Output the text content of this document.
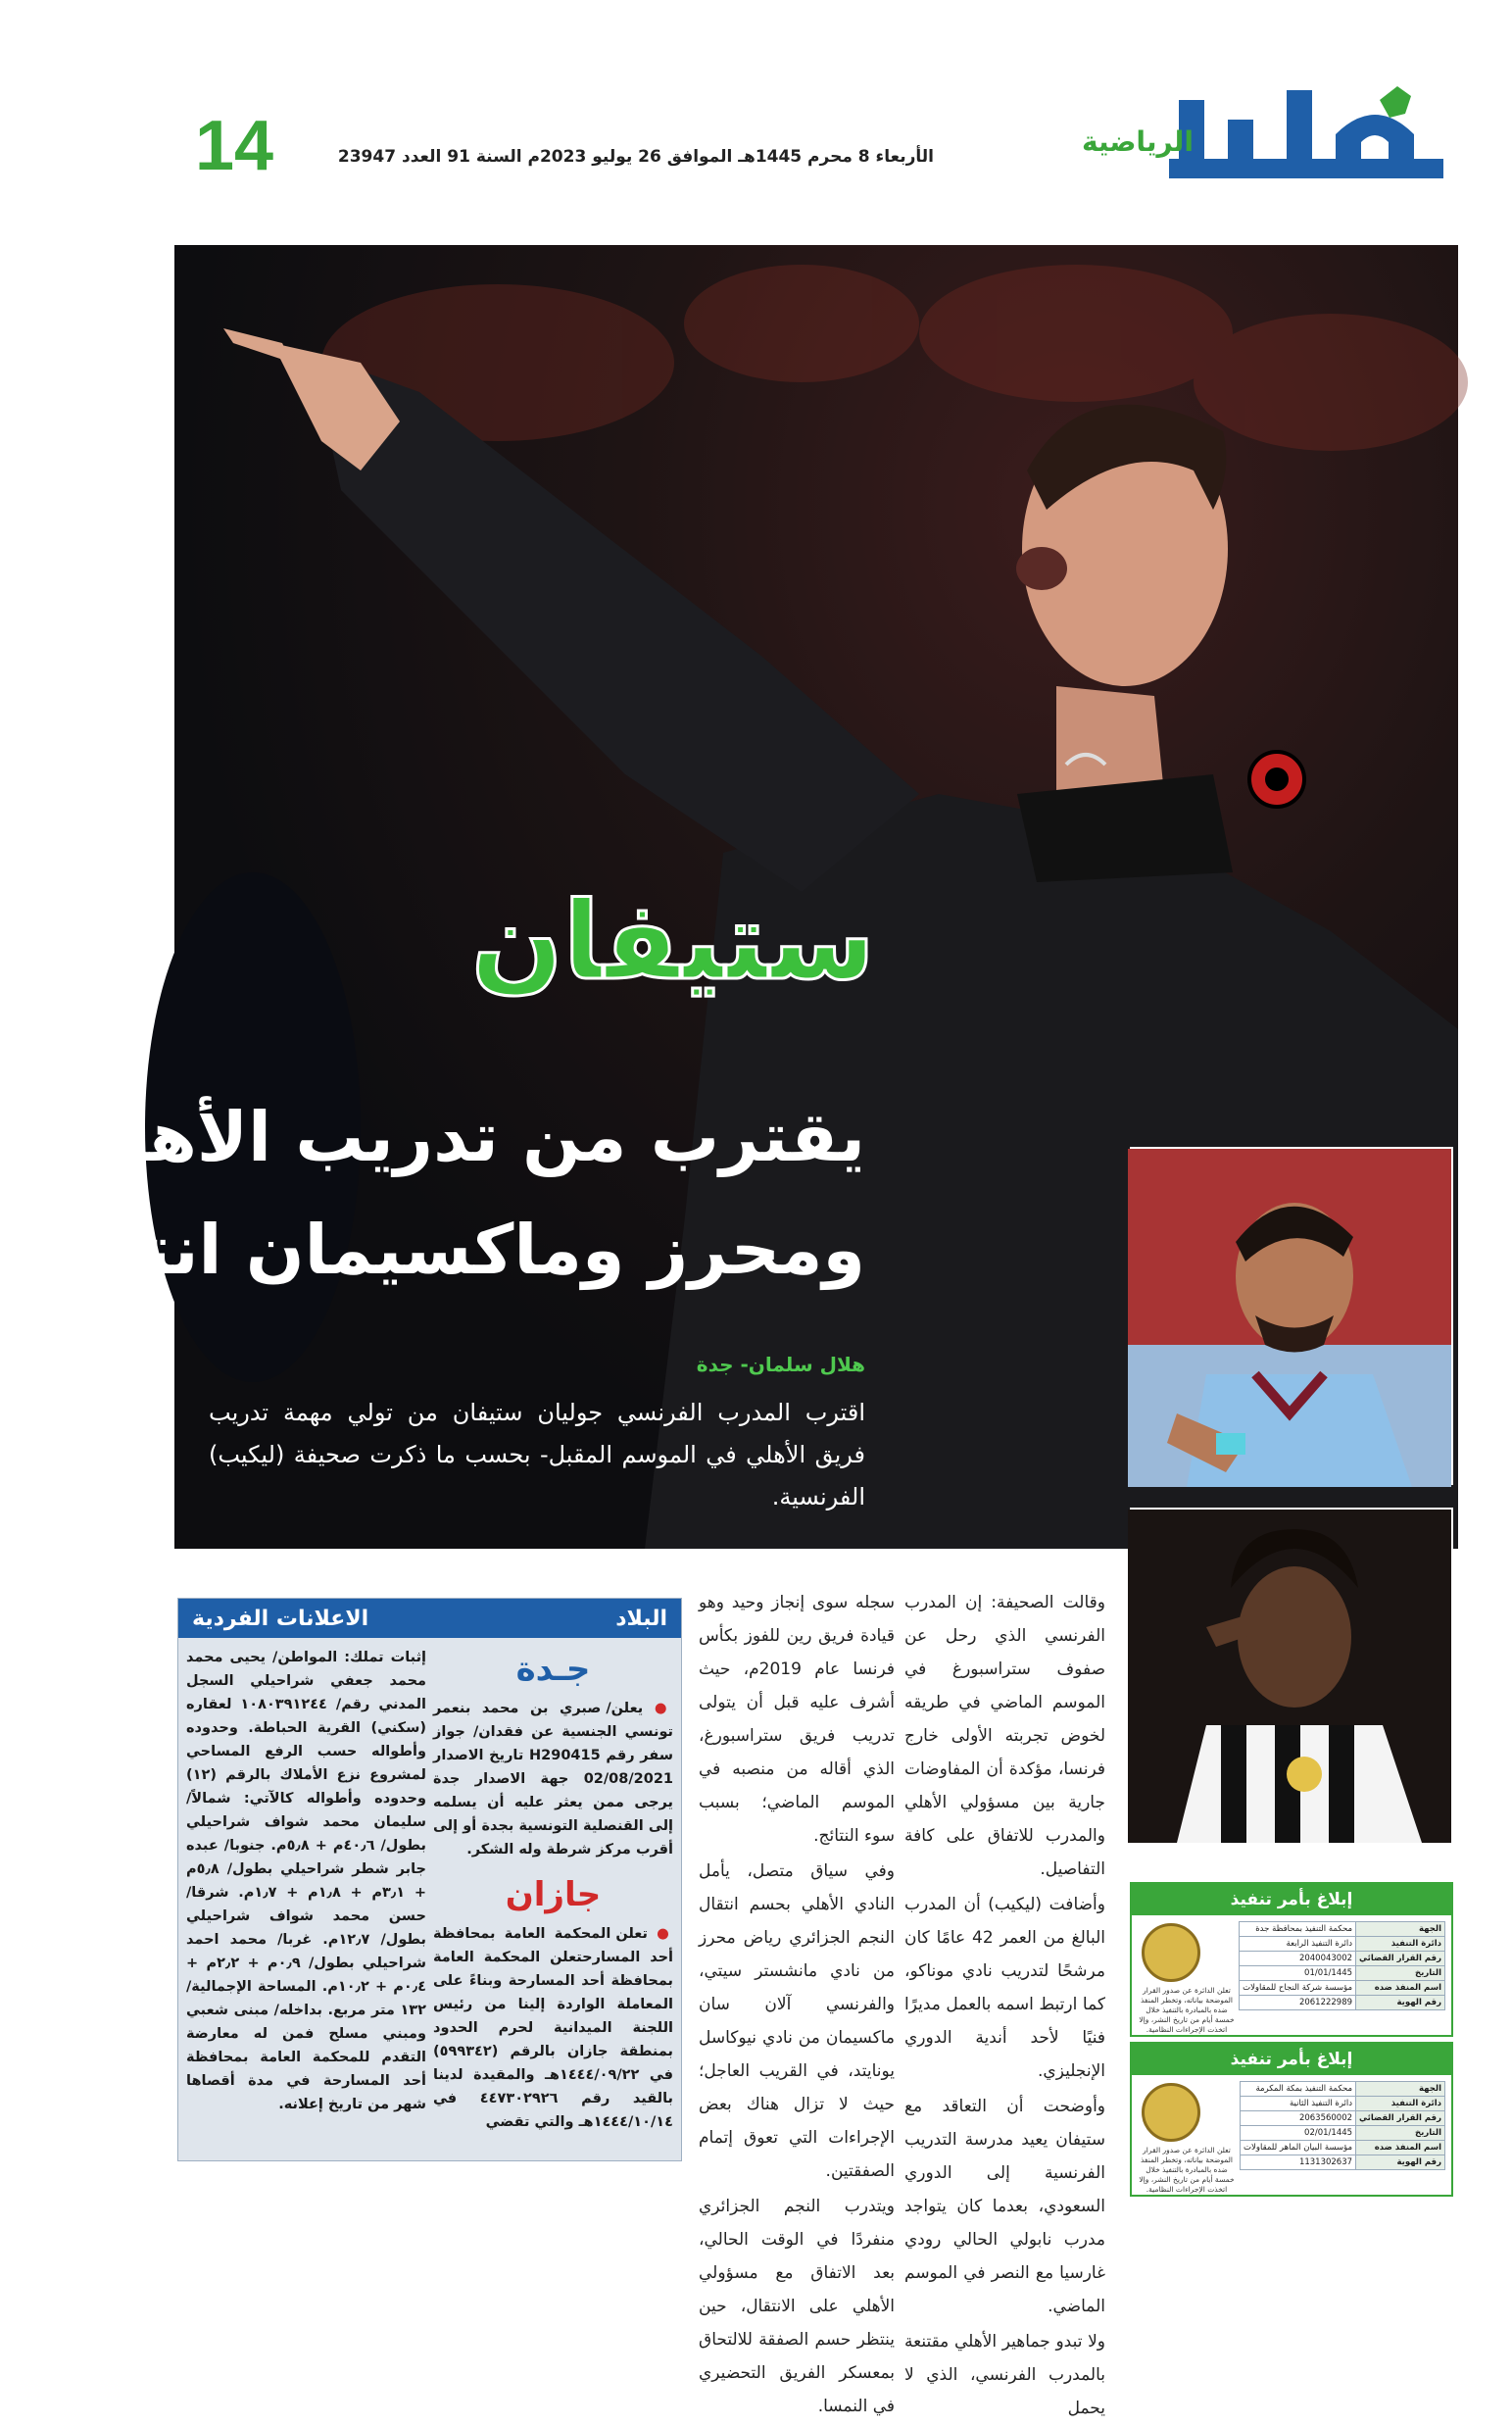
البلاد
الرياضية
الأربعاء 8 محرم 1445هـ الموافق 26 يوليو 2023م السنة 91 العدد 23947
14
ستيفان
يقترب من تدريب الأهلي..
ومحرز وماكسيمان انتظار
هلال سلمان- جدة
اقترب المدرب الفرنسي جوليان ستيفان من تولي مهمة تدريب فريق الأهلي في الموسم المقبل- بحسب ما ذكرت صحيفة (ليكيب) الفرنسية.

وقالت الصحيفة: إن المدرب الفرنسي الذي رحل عن صفوف ستراسبورغ في الموسم الماضي في طريقه لخوض تجربته الأولى خارج فرنسا، مؤكدة أن المفاوضات جارية بين مسؤولي الأهلي والمدرب للاتفاق على كافة التفاصيل.

وأضافت (ليكيب) أن المدرب البالغ من العمر 42 عامًا كان مرشحًا لتدريب نادي موناكو، كما ارتبط اسمه بالعمل مديرًا فنيًا لأحد أندية الدوري الإنجليزي.

وأوضحت أن التعاقد مع ستيفان يعيد مدرسة التدريب الفرنسية إلى الدوري السعودي، بعدما كان يتواجد مدرب نابولي الحالي رودي غارسيا مع النصر في الموسم الماضي.

ولا تبدو جماهير الأهلي مقتنعة بالمدرب الفرنسي، الذي لا يحمل

سجله سوى إنجاز وحيد وهو قيادة فريق رين للفوز بكأس فرنسا عام 2019م، حيث أشرف عليه قبل أن يتولى تدريب فريق ستراسبورغ، الذي أقاله من منصبه في الموسم الماضي؛ بسبب سوء النتائج.

وفي سياق متصل، يأمل النادي الأهلي بحسم انتقال النجم الجزائري رياض محرز من نادي مانشستر سيتي، والفرنسي آلان سان ماكسيمان من نادي نيوكاسل يونايتد، في القريب العاجل؛ حيث لا تزال هناك بعض الإجراءات التي تعوق إتمام الصفقتين.

ويتدرب النجم الجزائري منفردًا في الوقت الحالي، بعد الاتفاق مع مسؤولي الأهلي على الانتقال، حين ينتظر حسم الصفقة للالتحاق بمعسكر الفريق التحضيري في النمسا.

البلاد
الاعلانات الفردية
إثبات تملك: المواطن/ يحيى محمد محمد جعفي شراحيلي السجل المدني رقم/ ١٠٨٠٣٩١٢٤٤ لعقاره (سكني) القرية الحباطة. وحدوده وأطواله حسب الرفع المساحي لمشروع نزع الأملاك بالرقم (١٢) وحدوده وأطواله كالآتي: شمالاً/ سليمان محمد شواف شراحيلي بطول/ ٤٠٫٦م + ٥٫٨م. جنوبا/ عبده جابر شطر شراحيلي بطول/ ٥٫٨م + ٣٫١م + ١٫٨م + ١٫٧م. شرقا/ حسن محمد شواف شراحيلي بطول/ ١٢٫٧م. غربا/ محمد احمد شراحيلي بطول/ ٠٫٩م + ٢٫٢م + ٠٫٤م + ١٠٫٢م. المساحة الإجمالية/ ١٣٢ متر مربع. بداخله/ مبنى شعبي ومبني مسلح فمن له معارضة التقدم للمحكمة العامة بمحافظة أحد المسارحة في مدة أقصاها شهر من تاريخ إعلانه.
جـدة
● يعلن/ صبري بن محمد بنعمر تونسي الجنسية عن فقدان/ جواز سفر رقم H290415 تاريخ الاصدار 02/08/2021 جهة الاصدار جدة يرجى ممن يعثر عليه أن يسلمه إلى القنصلية التونسية بجدة أو إلى أقرب مركز شرطة وله الشكر.
جازان
● تعلن المحكمة العامة بمحافظة أحد المسارحتعلن المحكمة العامة بمحافظة أحد المسارحة وبناءً على المعاملة الواردة إلينا من رئيس اللجنة الميدانية لحرم الحدود بمنطقة جازان بالرقم (٥٩٩٣٤٢) في ١٤٤٤/٠٩/٢٢هـ والمقيدة لدينا بالقيد رقم ٤٤٧٣٠٢٩٢٦ في ١٤٤٤/١٠/١٤هـ والتي تقضي
إبلاغ بأمر تنفيذ
الجهة	محكمة التنفيذ بمحافظة جدة
دائرة التنفيذ	دائرة التنفيذ الرابعة
رقم القرار القضائي	2040043002
التاريخ	01/01/1445
اسم المنفذ ضده	مؤسسة شركة النجاح للمقاولات
رقم الهوية	2061222989
تعلن الدائرة عن صدور القرار الموضحة بياناته، وتخطر المنفذ ضده بالمبادرة بالتنفيذ خلال خمسة أيام من تاريخ النشر، وإلا اتخذت الإجراءات النظامية.
إبلاغ بأمر تنفيذ
الجهة	محكمة التنفيذ بمكة المكرمة
دائرة التنفيذ	دائرة التنفيذ الثانية
رقم القرار القضائي	2063560002
التاريخ	02/01/1445
اسم المنفذ ضده	مؤسسة البيان الماهر للمقاولات
رقم الهوية	1131302637
تعلن الدائرة عن صدور القرار الموضحة بياناته، وتخطر المنفذ ضده بالمبادرة بالتنفيذ خلال خمسة أيام من تاريخ النشر، وإلا اتخذت الإجراءات النظامية.
